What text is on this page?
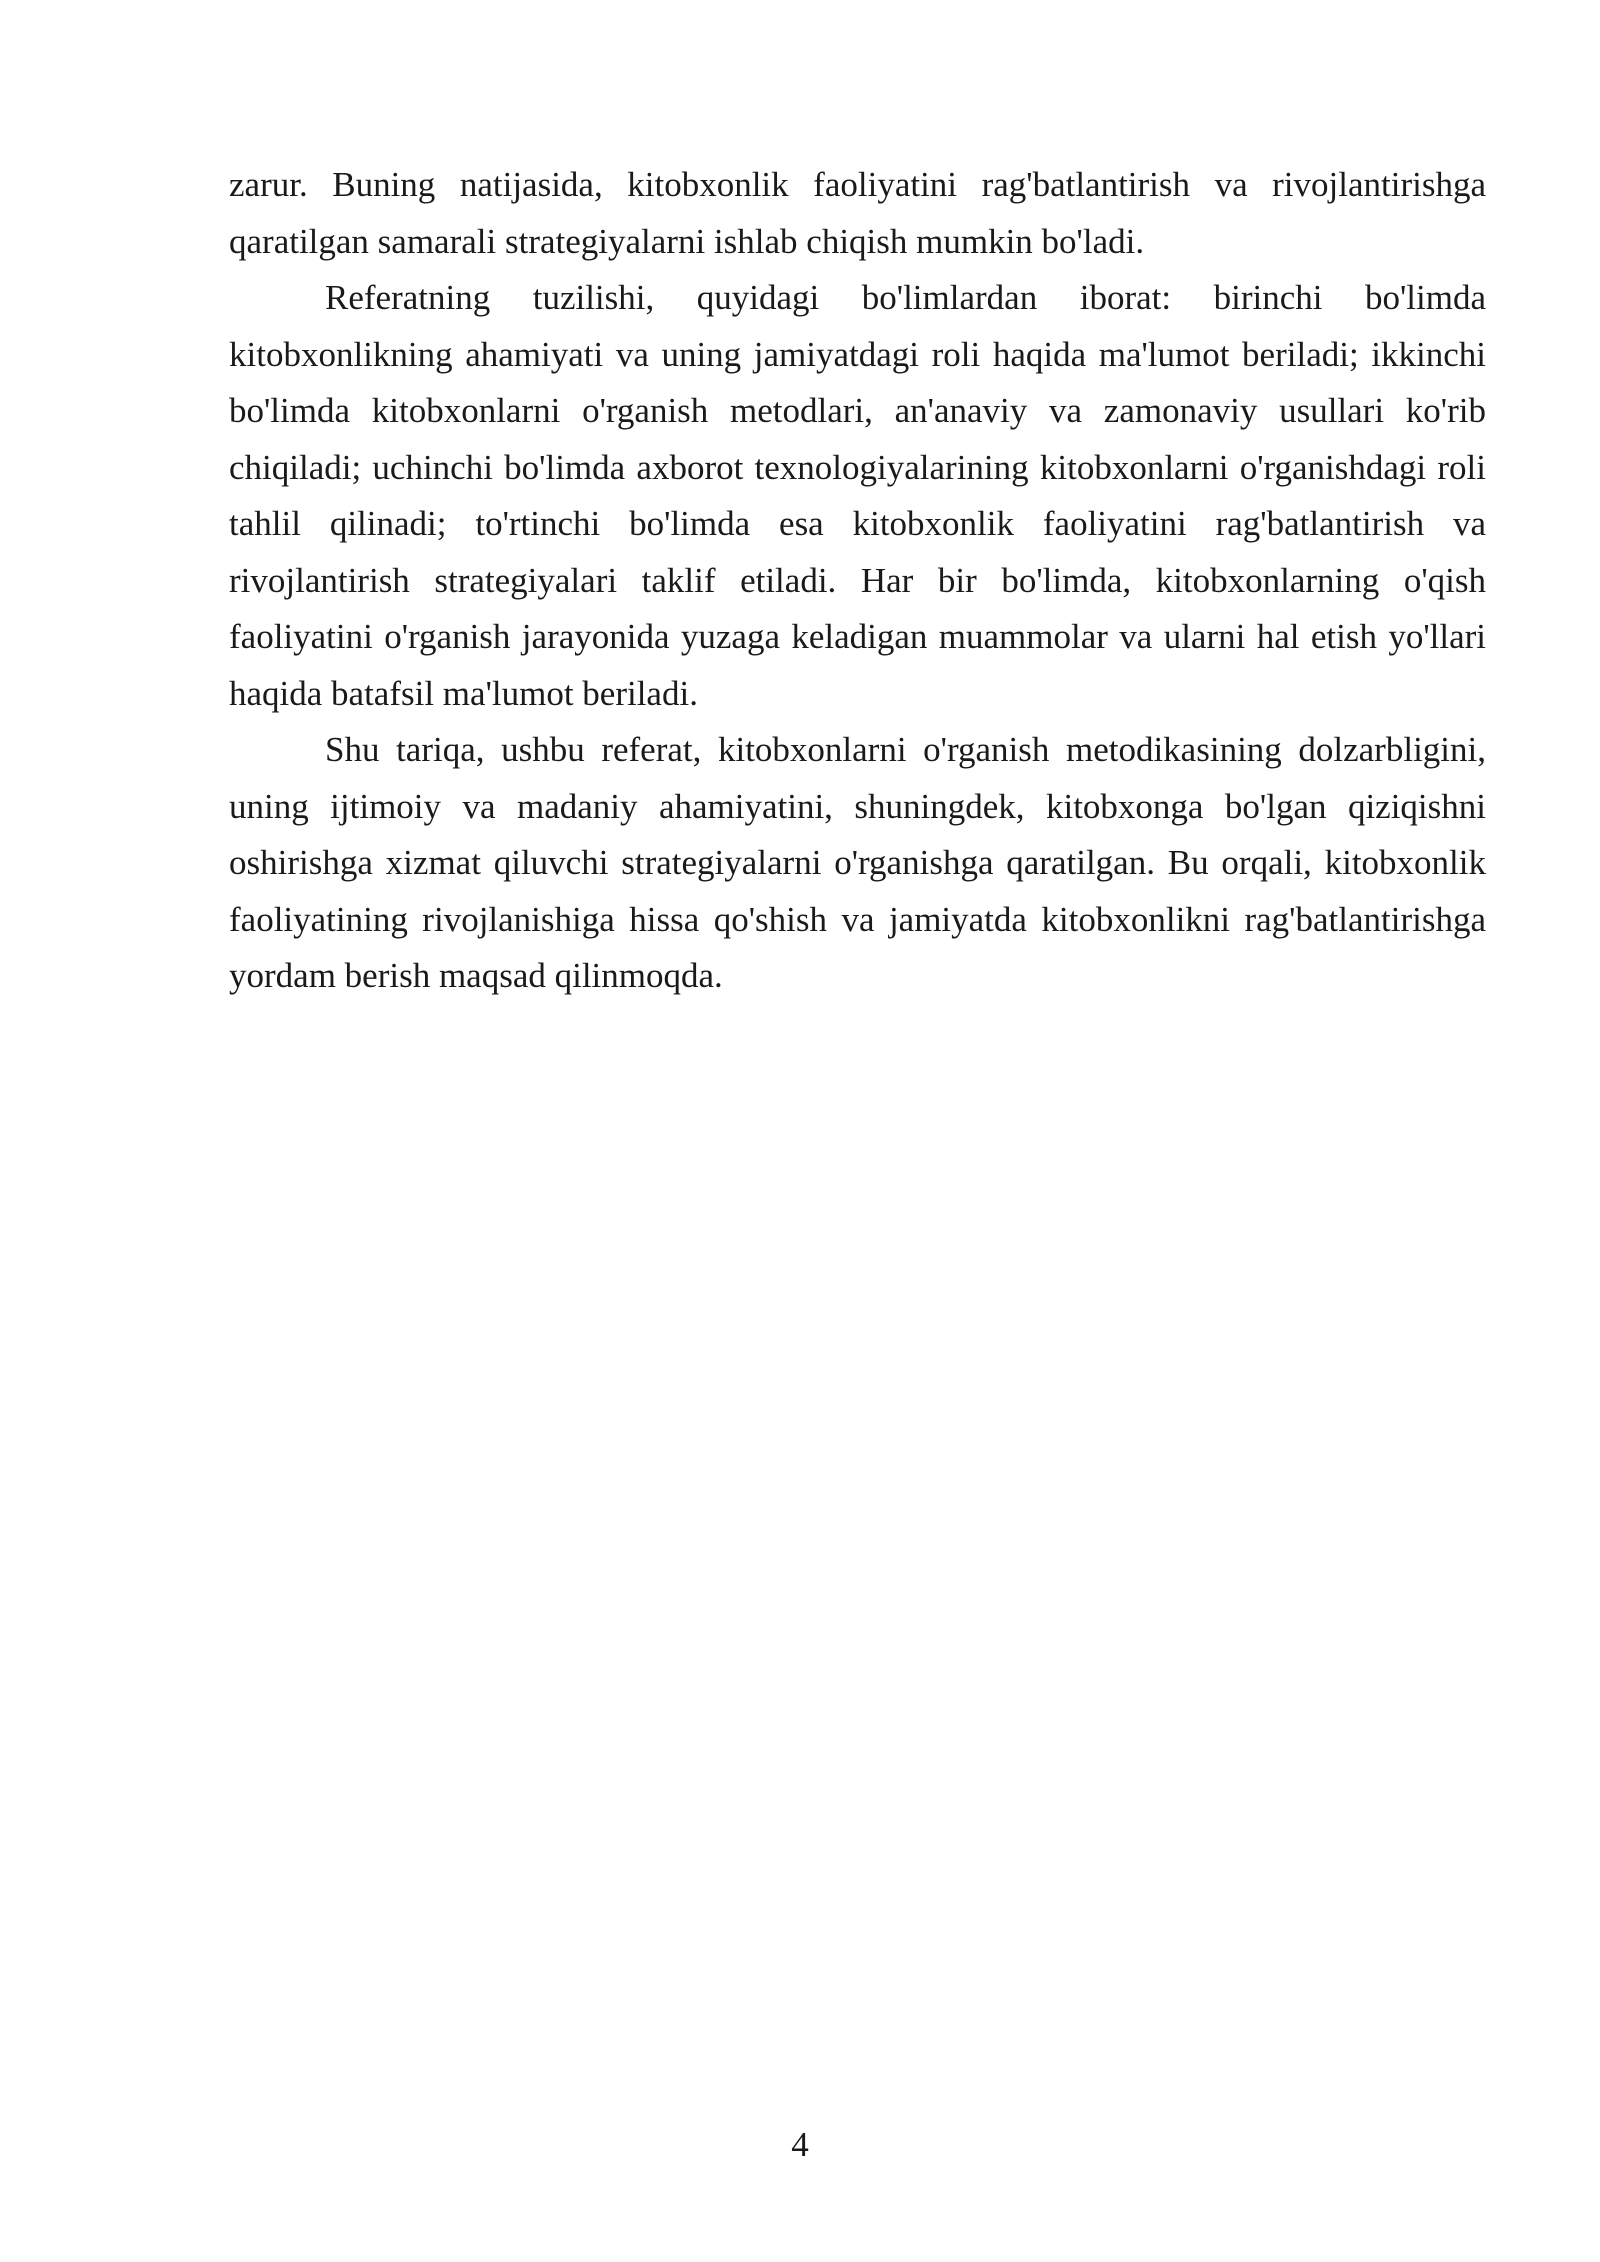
zarur. Buning natijasida, kitobxonlik faoliyatini rag'batlantirish va rivojlantirishga qaratilgan samarali strategiyalarni ishlab chiqish mumkin bo'ladi.

Referatning tuzilishi, quyidagi bo'limlardan iborat: birinchi bo'limda kitobxonlikning ahamiyati va uning jamiyatdagi roli haqida ma'lumot beriladi; ikkinchi bo'limda kitobxonlarni o'rganish metodlari, an'anaviy va zamonaviy usullari ko'rib chiqiladi; uchinchi bo'limda axborot texnologiyalarining kitobxonlarni o'rganishdagi roli tahlil qilinadi; to'rtinchi bo'limda esa kitobxonlik faoliyatini rag'batlantirish va rivojlantirish strategiyalari taklif etiladi. Har bir bo'limda, kitobxonlarning o'qish faoliyatini o'rganish jarayonida yuzaga keladigan muammolar va ularni hal etish yo'llari haqida batafsil ma'lumot beriladi.

Shu tariqa, ushbu referat, kitobxonlarni o'rganish metodikasining dolzarbligini, uning ijtimoiy va madaniy ahamiyatini, shuningdek, kitobxonga bo'lgan qiziqishni oshirishga xizmat qiluvchi strategiyalarni o'rganishga qaratilgan. Bu orqali, kitobxonlik faoliyatining rivojlanishiga hissa qo'shish va jamiyatda kitobxonlikni rag'batlantirishga yordam berish maqsad qilinmoqda.

4
